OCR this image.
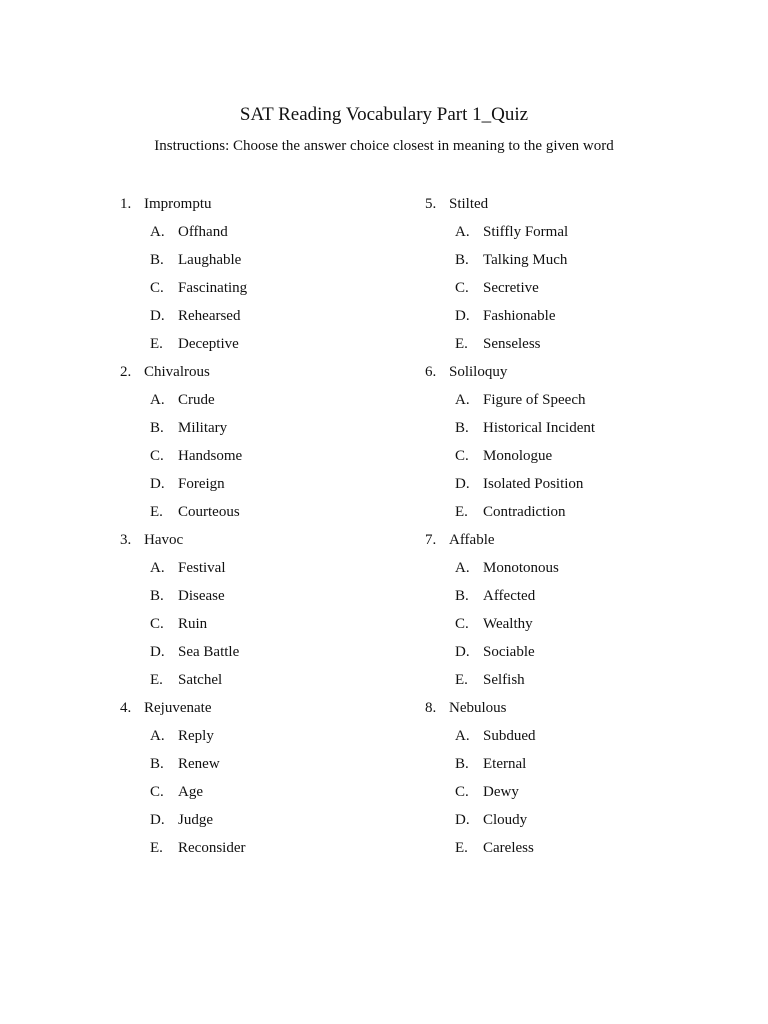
SAT Reading Vocabulary Part 1_Quiz
Instructions: Choose the answer choice closest in meaning to the given word
1. Impromptu
A. Offhand
B. Laughable
C. Fascinating
D. Rehearsed
E.	Deceptive
2. Chivalrous
A. Crude
B. Military
C. Handsome
D. Foreign
E.	Courteous
3. Havoc
A. Festival
B. Disease
C. Ruin
D. Sea Battle
E.	Satchel
4. Rejuvenate
A. Reply
B. Renew
C. Age
D. Judge
E.	Reconsider
5. Stilted
A. Stiffly Formal
B. Talking Much
C. Secretive
D. Fashionable
E.	Senseless
6. Soliloquy
A. Figure of Speech
B. Historical Incident
C. Monologue
D. Isolated Position
E.	Contradiction
7. Affable
A. Monotonous
B. Affected
C. Wealthy
D. Sociable
E.	Selfish
8. Nebulous
A. Subdued
B. Eternal
C. Dewy
D. Cloudy
E.	Careless
